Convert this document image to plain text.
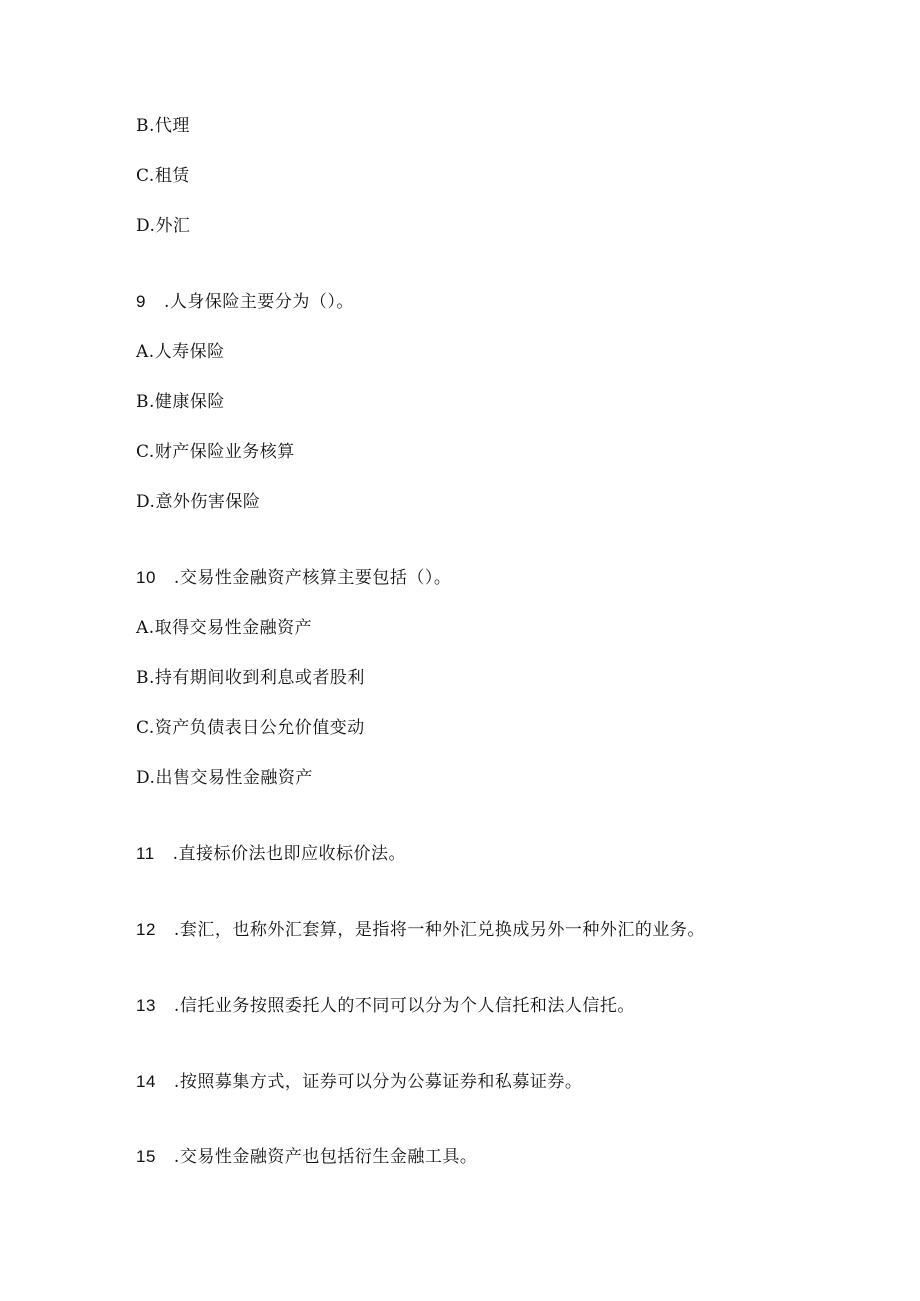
B.代理
C.租赁
D.外汇
9 .人身保险主要分为（）。
A.人寿保险
B.健康保险
C.财产保险业务核算
D.意外伤害保险
10 .交易性金融资产核算主要包括（）。
A.取得交易性金融资产
B.持有期间收到利息或者股利
C.资产负债表日公允价值变动
D.出售交易性金融资产
11 .直接标价法也即应收标价法。
12 .套汇，也称外汇套算，是指将一种外汇兑换成另外一种外汇的业务。
13 .信托业务按照委托人的不同可以分为个人信托和法人信托。
14 .按照募集方式，证券可以分为公募证券和私募证券。
15 .交易性金融资产也包括衍生金融工具。
